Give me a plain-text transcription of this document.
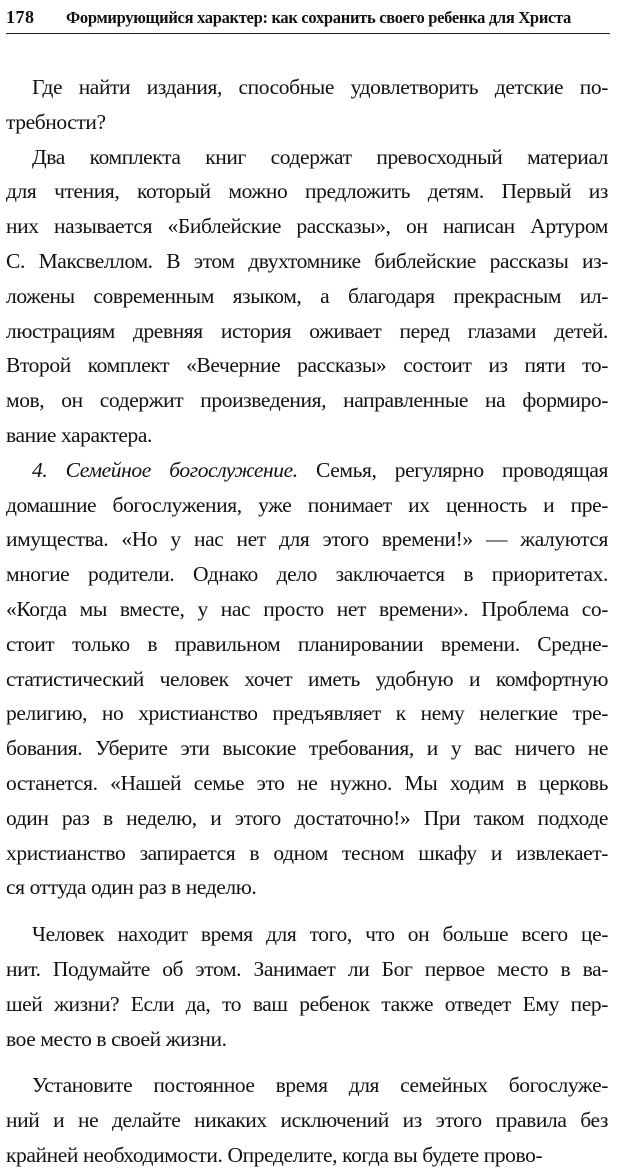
178	Формирующийся характер: как сохранить своего ребенка для Христа
Где найти издания, способные удовлетворить детские по-
требности?
Два комплекта книг содержат превосходный материал
для чтения, который можно предложить детям. Первый из
них называется «Библейские рассказы», он написан Артуром
С. Максвеллом. В этом двухтомнике библейские рассказы из-
ложены современным языком, а благодаря прекрасным ил-
люстрациям древняя история оживает перед глазами детей.
Второй комплект «Вечерние рассказы» состоит из пяти то-
мов, он содержит произведения, направленные на формиро-
вание характера.
4. Семейное богослужение. Семья, регулярно проводящая
домашние богослужения, уже понимает их ценность и пре-
имущества. «Но у нас нет для этого времени!» — жалуются
многие родители. Однако дело заключается в приоритетах.
«Когда мы вместе, у нас просто нет времени». Проблема со-
стоит только в правильном планировании времени. Средне-
статистический человек хочет иметь удобную и комфортную
религию, но христианство предъявляет к нему нелегкие тре-
бования. Уберите эти высокие требования, и у вас ничего не
останется. «Нашей семье это не нужно. Мы ходим в церковь
один раз в неделю, и этого достаточно!» При таком подходе
христианство запирается в одном тесном шкафу и извлекает-
ся оттуда один раз в неделю.
Человек находит время для того, что он больше всего це-
нит. Подумайте об этом. Занимает ли Бог первое место в ва-
шей жизни? Если да, то ваш ребенок также отведет Ему пер-
вое место в своей жизни.
Установите постоянное время для семейных богослуже-
ний и не делайте никаких исключений из этого правила без
крайней необходимости. Определите, когда вы будете прово-
